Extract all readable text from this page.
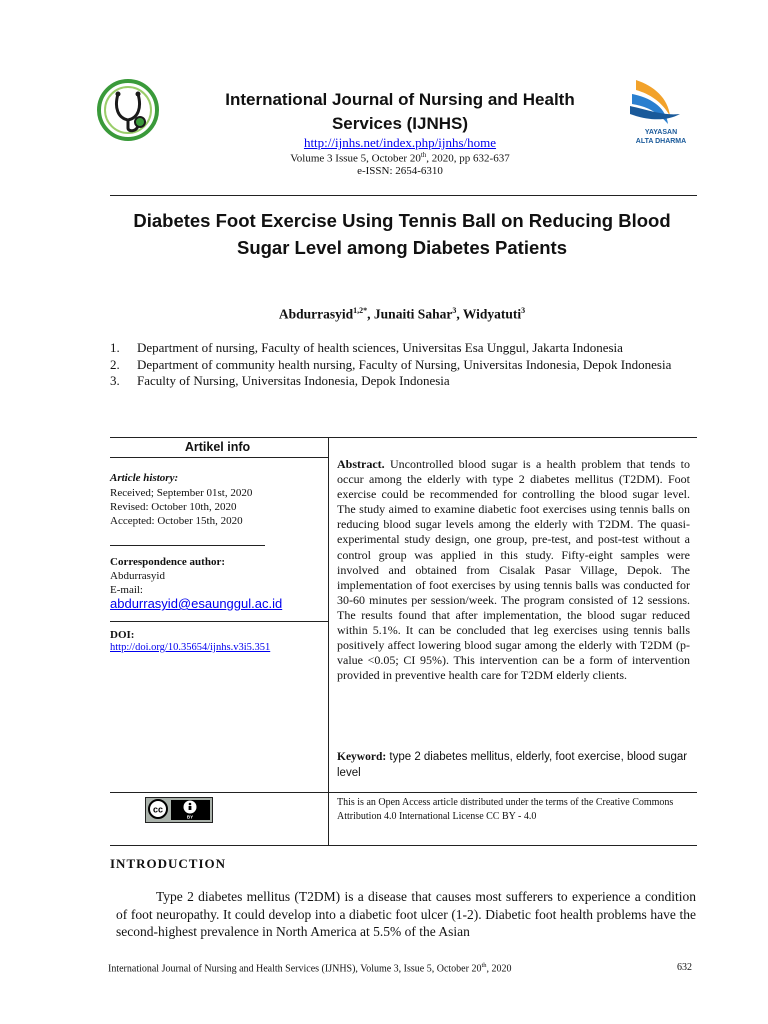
YAYASAN
ALTA DHARMA
International Journal of Nursing and Health Services (IJNHS)
http://ijnhs.net/index.php/ijnhs/home
Volume 3 Issue 5, October 20th, 2020, pp 632-637
e-ISSN: 2654-6310
Diabetes Foot Exercise Using Tennis Ball on Reducing Blood Sugar Level among Diabetes Patients
Abdurrasyid$^{1,2*}$, Junaiti Sahar$^3$, Widyatuti$^3$
1. Department of nursing, Faculty of health sciences, Universitas Esa Unggul, Jakarta Indonesia
2. Department of community health nursing, Faculty of Nursing, Universitas Indonesia, Depok Indonesia
3. Faculty of Nursing, Universitas Indonesia, Depok Indonesia
Artikel info
Article history:
Received; September 01st, 2020
Revised: October 10th, 2020
Accepted: October 15th, 2020
Correspondence author:
Abdurrasyid
E-mail:
abdurrasyid@esaunggul.ac.id
DOI:
http://doi.org/10.35654/ijnhs.v3i5.351
Abstract. Uncontrolled blood sugar is a health problem that tends to occur among the elderly with type 2 diabetes mellitus (T2DM). Foot exercise could be recommended for controlling the blood sugar level. The study aimed to examine diabetic foot exercises using tennis balls on reducing blood sugar levels among the elderly with T2DM. The quasi-experimental study design, one group, pre-test, and post-test without a control group was applied in this study. Fifty-eight samples were involved and obtained from Cisalak Pasar Village, Depok. The implementation of foot exercises by using tennis balls was conducted for 30-60 minutes per session/week. The program consisted of 12 sessions. The results found that after implementation, the blood sugar reduced within 5.1%. It can be concluded that leg exercises using tennis balls positively affect lowering blood sugar among the elderly with T2DM (p-value <0.05; CI 95%). This intervention can be a form of intervention provided in preventive health care for T2DM elderly clients.
Keyword: type 2 diabetes mellitus, elderly, foot exercise, blood sugar level
cc
BY
This is an Open Access article distributed under the terms of the Creative Commons Attribution 4.0 International License CC BY - 4.0
INTRODUCTION

Type 2 diabetes mellitus (T2DM) is a disease that causes most sufferers to experience a condition of foot neuropathy. It could develop into a diabetic foot ulcer (1-2). Diabetic foot health problems have the second-highest prevalence in North America at 5.5% of the Asian

International Journal of Nursing and Health Services (IJNHS), Volume 3, Issue 5, October 20th, 2020	632
